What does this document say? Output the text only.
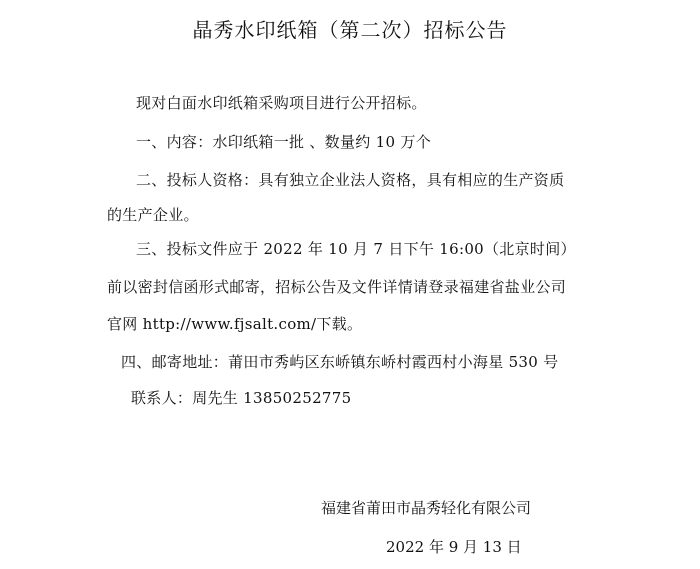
晶秀水印纸箱（第二次）招标公告
现对白面水印纸箱采购项目进行公开招标。
一、内容：水印纸箱一批 、数量约 10 万个
二、投标人资格：具有独立企业法人资格，具有相应的生产资质
的生产企业。
三、投标文件应于 2022 年 10 月 7 日下午 16:00（北京时间）
前以密封信函形式邮寄，招标公告及文件详情请登录福建省盐业公司
官网 http://www.fjsalt.com/下载。
四、邮寄地址：莆田市秀屿区东峤镇东峤村霞西村小海星 530 号
联系人：周先生 13850252775
福建省莆田市晶秀轻化有限公司
2022 年 9 月 13 日
